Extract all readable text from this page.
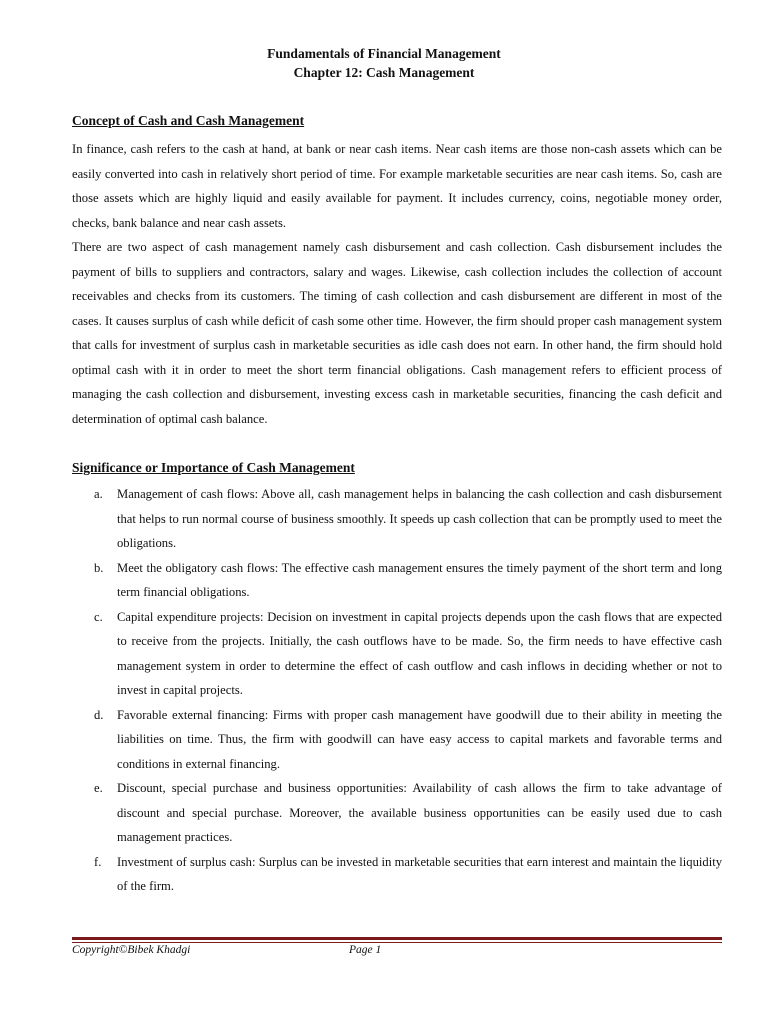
Fundamentals of Financial Management
Chapter 12: Cash Management
Concept of Cash and Cash Management

In finance, cash refers to the cash at hand, at bank or near cash items. Near cash items are those non-cash assets which can be easily converted into cash in relatively short period of time. For example marketable securities are near cash items. So, cash are those assets which are highly liquid and easily available for payment. It includes currency, coins, negotiable money order, checks, bank balance and near cash assets.

There are two aspect of cash management namely cash disbursement and cash collection. Cash disbursement includes the payment of bills to suppliers and contractors, salary and wages. Likewise, cash collection includes the collection of account receivables and checks from its customers. The timing of cash collection and cash disbursement are different in most of the cases. It causes surplus of cash while deficit of cash some other time. However, the firm should proper cash management system that calls for investment of surplus cash in marketable securities as idle cash does not earn. In other hand, the firm should hold optimal cash with it in order to meet the short term financial obligations. Cash management refers to efficient process of managing the cash collection and disbursement, investing excess cash in marketable securities, financing the cash deficit and determination of optimal cash balance.

Significance or Importance of Cash Management
a. Management of cash flows: Above all, cash management helps in balancing the cash collection and cash disbursement that helps to run normal course of business smoothly. It speeds up cash collection that can be promptly used to meet the obligations.
b. Meet the obligatory cash flows: The effective cash management ensures the timely payment of the short term and long term financial obligations.
c. Capital expenditure projects: Decision on investment in capital projects depends upon the cash flows that are expected to receive from the projects. Initially, the cash outflows have to be made. So, the firm needs to have effective cash management system in order to determine the effect of cash outflow and cash inflows in deciding whether or not to invest in capital projects.
d. Favorable external financing: Firms with proper cash management have goodwill due to their ability in meeting the liabilities on time. Thus, the firm with goodwill can have easy access to capital markets and favorable terms and conditions in external financing.
e. Discount, special purchase and business opportunities: Availability of cash allows the firm to take advantage of discount and special purchase. Moreover, the available business opportunities can be easily used due to cash management practices.
f. Investment of surplus cash: Surplus can be invested in marketable securities that earn interest and maintain the liquidity of the firm.
Copyright©Bibek Khadgi	Page 1
